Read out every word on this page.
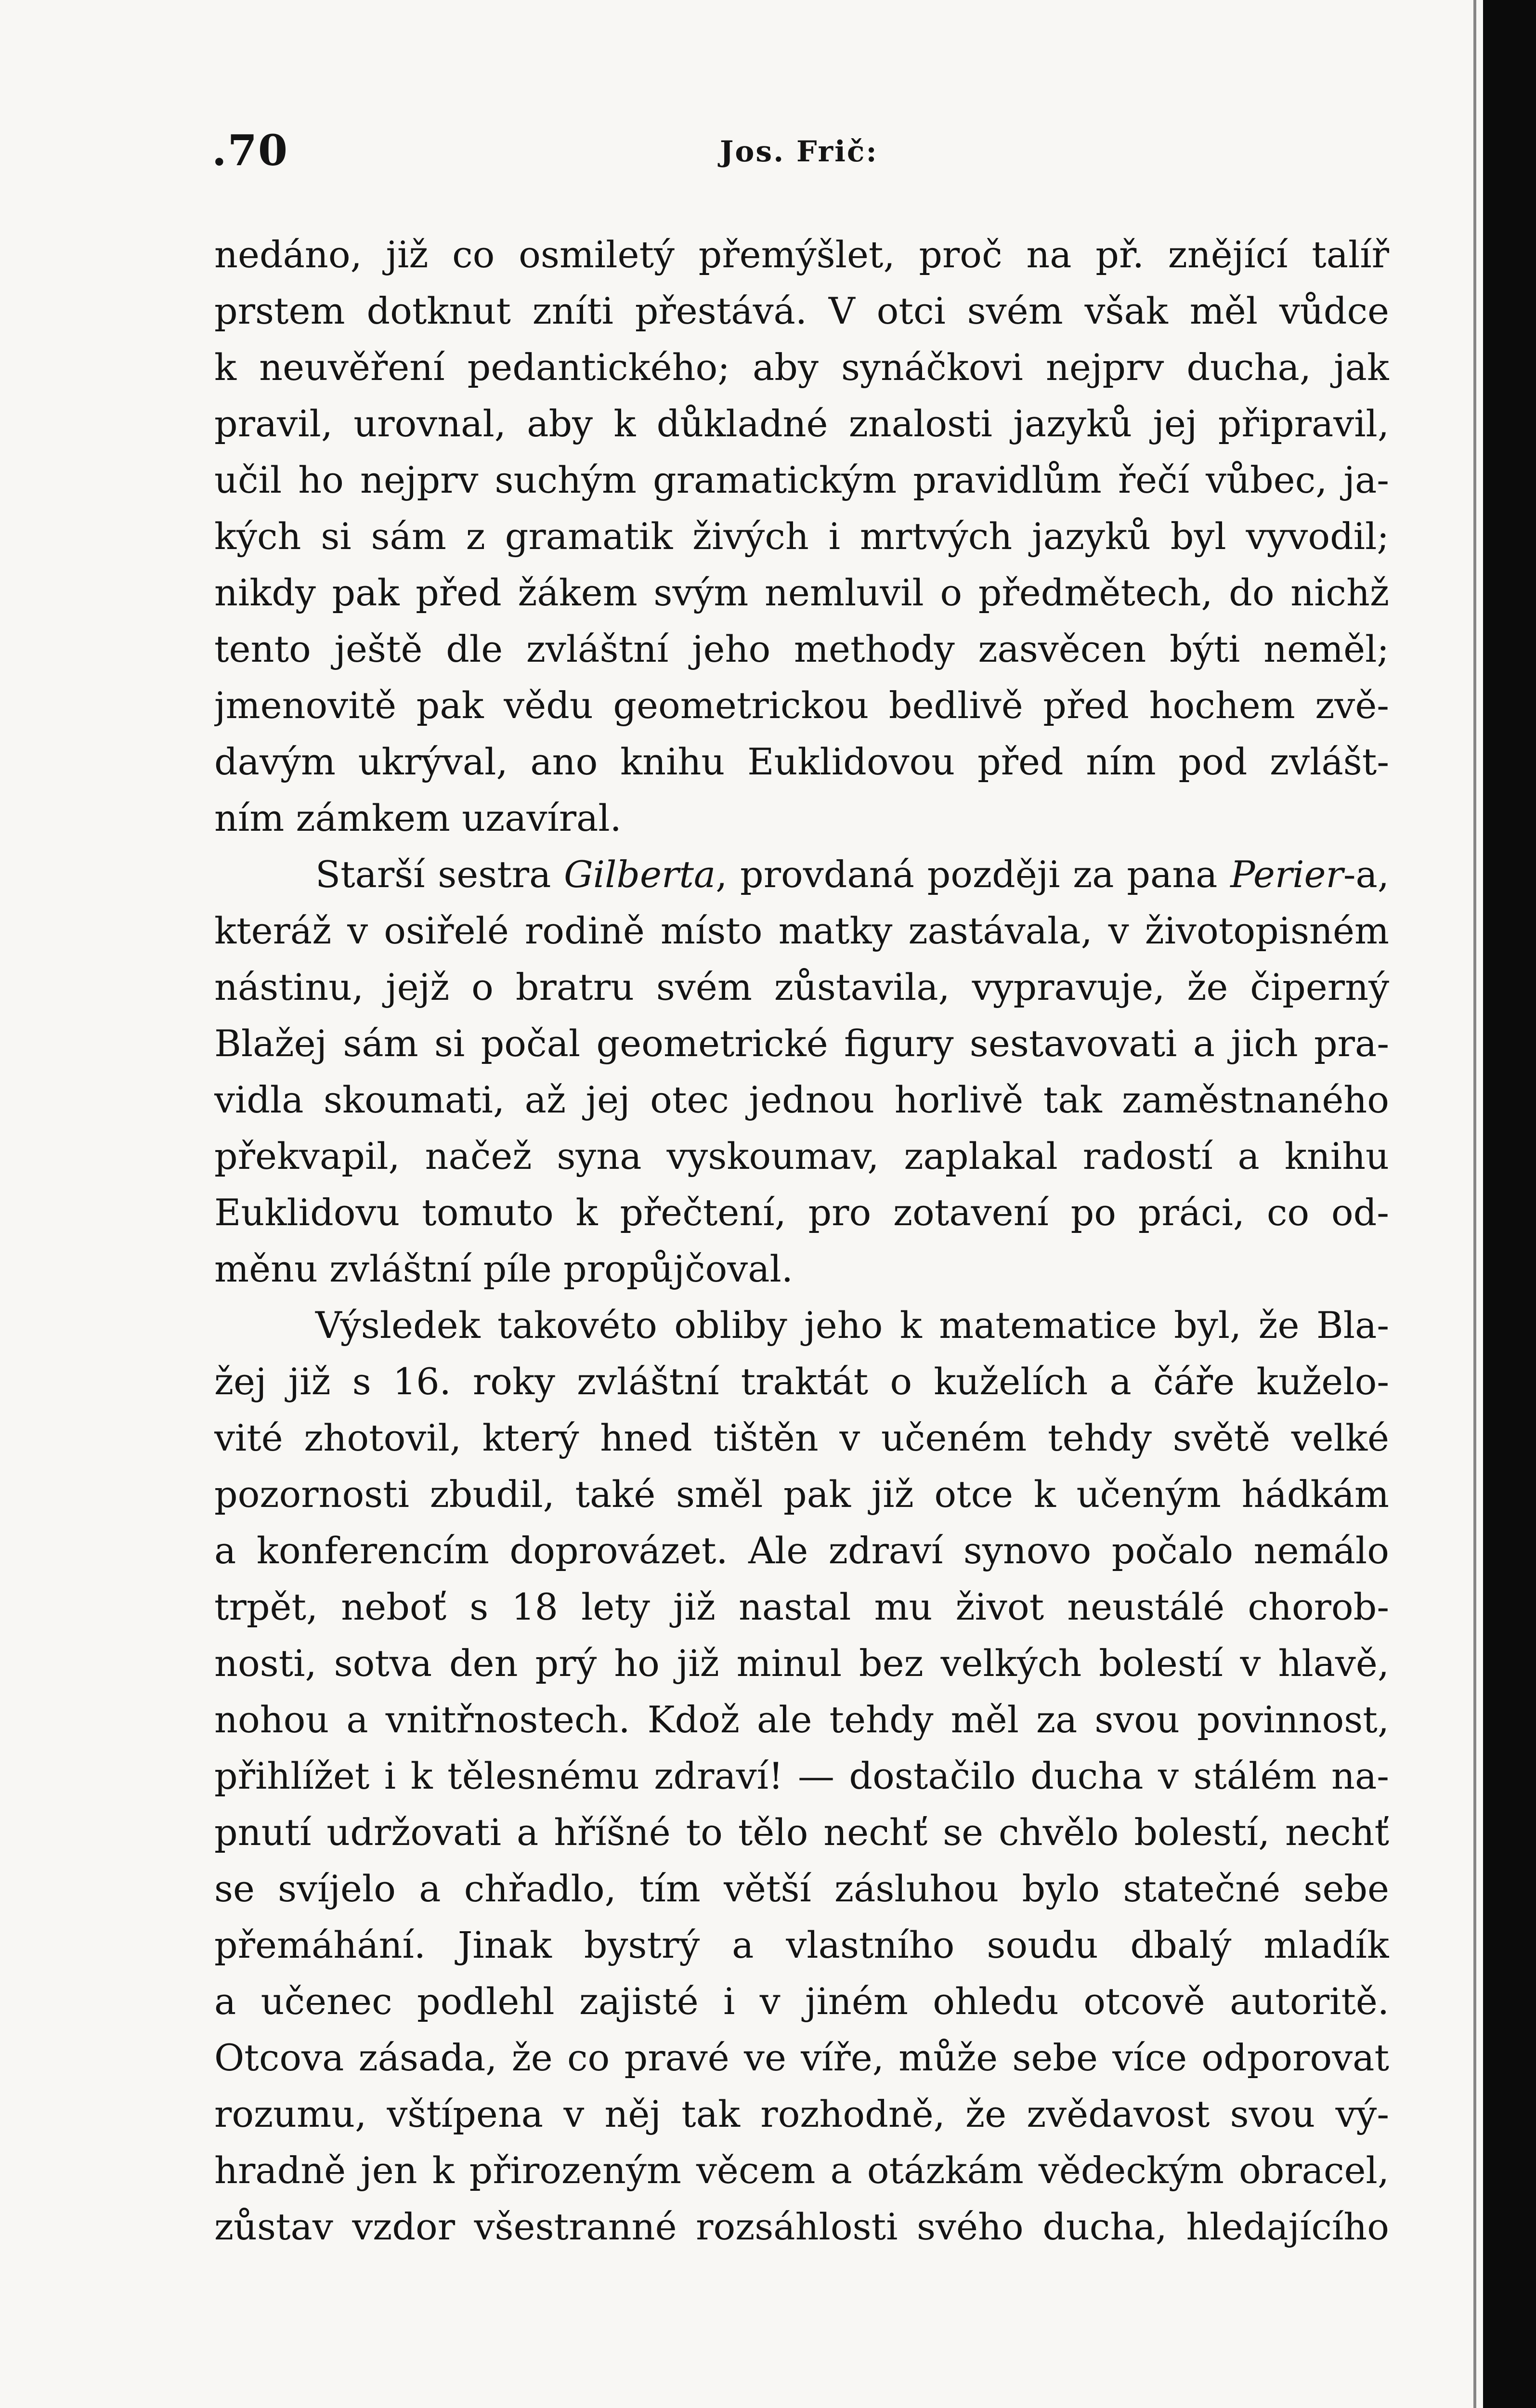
.70	Jos. Frič:
nedáno, již co osmiletý přemýšlet, proč na př. znějící talíř
prstem dotknut zníti přestává. V otci svém však měl vůdce
k neuvěření pedantického; aby synáčkovi nejprv ducha, jak
pravil, urovnal, aby k důkladné znalosti jazyků jej připravil,
učil ho nejprv suchým gramatickým pravidlům řečí vůbec, ja-
kých si sám z gramatik živých i mrtvých jazyků byl vyvodil;
nikdy pak před žákem svým nemluvil o předmětech, do nichž
tento ještě dle zvláštní jeho methody zasvěcen býti neměl;
jmenovitě pak vědu geometrickou bedlivě před hochem zvě-
davým ukrýval, ano knihu Euklidovou před ním pod zvlášt-
ním zámkem uzavíral.
Starší sestra Gilberta, provdaná později za pana Perier-a,
kteráž v osiřelé rodině místo matky zastávala, v životopisném
nástinu, jejž o bratru svém zůstavila, vypravuje, že čiperný
Blažej sám si počal geometrické figury sestavovati a jich pra-
vidla skoumati, až jej otec jednou horlivě tak zaměstnaného
překvapil, načež syna vyskoumav, zaplakal radostí a knihu
Euklidovu tomuto k přečtení, pro zotavení po práci, co od-
měnu zvláštní píle propůjčoval.
Výsledek takovéto obliby jeho k matematice byl, že Bla-
žej již s 16. roky zvláštní traktát o kuželích a čáře kuželo-
vité zhotovil, který hned tištěn v učeném tehdy světě velké
pozornosti zbudil, také směl pak již otce k učeným hádkám
a konferencím doprovázet. Ale zdraví synovo počalo nemálo
trpět, neboť s 18 lety již nastal mu život neustálé chorob-
nosti, sotva den prý ho již minul bez velkých bolestí v hlavě,
nohou a vnitřnostech. Kdož ale tehdy měl za svou povinnost,
přihlížet i k tělesnému zdraví! — dostačilo ducha v stálém na-
pnutí udržovati a hříšné to tělo nechť se chvělo bolestí, nechť
se svíjelo a chřadlo, tím větší zásluhou bylo statečné sebe
přemáhání. Jinak bystrý a vlastního soudu dbalý mladík
a učenec podlehl zajisté i v jiném ohledu otcově autoritě.
Otcova zásada, že co pravé ve víře, může sebe více odporovat
rozumu, vštípena v něj tak rozhodně, že zvědavost svou vý-
hradně jen k přirozeným věcem a otázkám vědeckým obracel,
zůstav vzdor všestranné rozsáhlosti svého ducha, hledajícího
